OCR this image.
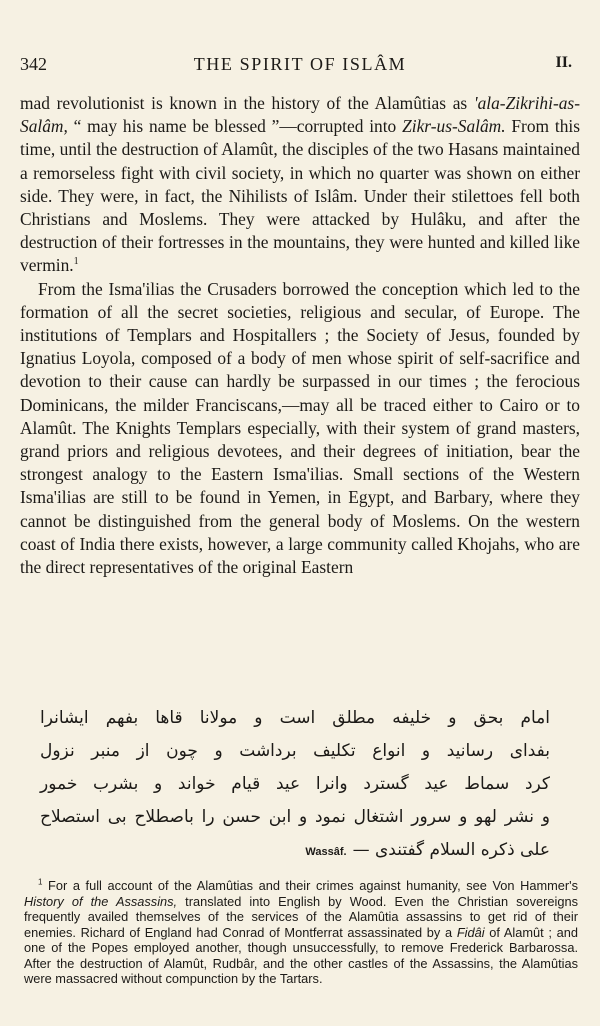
342	THE SPIRIT OF ISLÂM	II.

mad revolutionist is known in the history of the Alamûtias as 'ala-Zikrihi-as-Salâm, “ may his name be blessed ”—corrupted into Zikr-us-Salâm. From this time, until the destruction of Alamût, the disciples of the two Hasans maintained a remorseless fight with civil society, in which no quarter was shown on either side. They were, in fact, the Nihilists of Islâm. Under their stilettoes fell both Christians and Moslems. They were attacked by Hulâku, and after the destruction of their fortresses in the mountains, they were hunted and killed like vermin.$^1$

From the Isma'ilias the Crusaders borrowed the conception which led to the formation of all the secret societies, religious and secular, of Europe. The institutions of Templars and Hospitallers ; the Society of Jesus, founded by Ignatius Loyola, composed of a body of men whose spirit of self-sacrifice and devotion to their cause can hardly be surpassed in our times ; the ferocious Dominicans, the milder Franciscans,—may all be traced either to Cairo or to Alamût. The Knights Templars especially, with their system of grand masters, grand priors and religious devotees, and their degrees of initiation, bear the strongest analogy to the Eastern Isma'ilias. Small sections of the Western Isma'ilias are still to be found in Yemen, in Egypt, and Barbary, where they cannot be distinguished from the general body of Moslems. On the western coast of India there exists, however, a large community called Khojahs, who are the direct representatives of the original Eastern

امام بحق و خلیفه مطلق است و مولانا قاها بفهم ایشانرا
بفدای رسانید و انواع تکلیف برداشت و چون از منبر نزول
کرد سماط عید گسترد وانرا عید قیام خواند و بشرب خمور
و نشر لهو و سرور اشتغال نمود و ابن حسن را باصطلاح بی استصلاح
علی ذکره السلام گفتندی —
Wassâf.
$^1$ For a full account of the Alamûtias and their crimes against humanity, see Von Hammer's History of the Assassins, translated into English by Wood. Even the Christian sovereigns frequently availed themselves of the services of the Alamûtia assassins to get rid of their enemies. Richard of England had Conrad of Montferrat assassinated by a Fidâi of Alamût ; and one of the Popes employed another, though unsuccessfully, to remove Frederick Barbarossa. After the destruction of Alamût, Rudbâr, and the other castles of the Assassins, the Alamûtias were massacred without compunction by the Tartars.
